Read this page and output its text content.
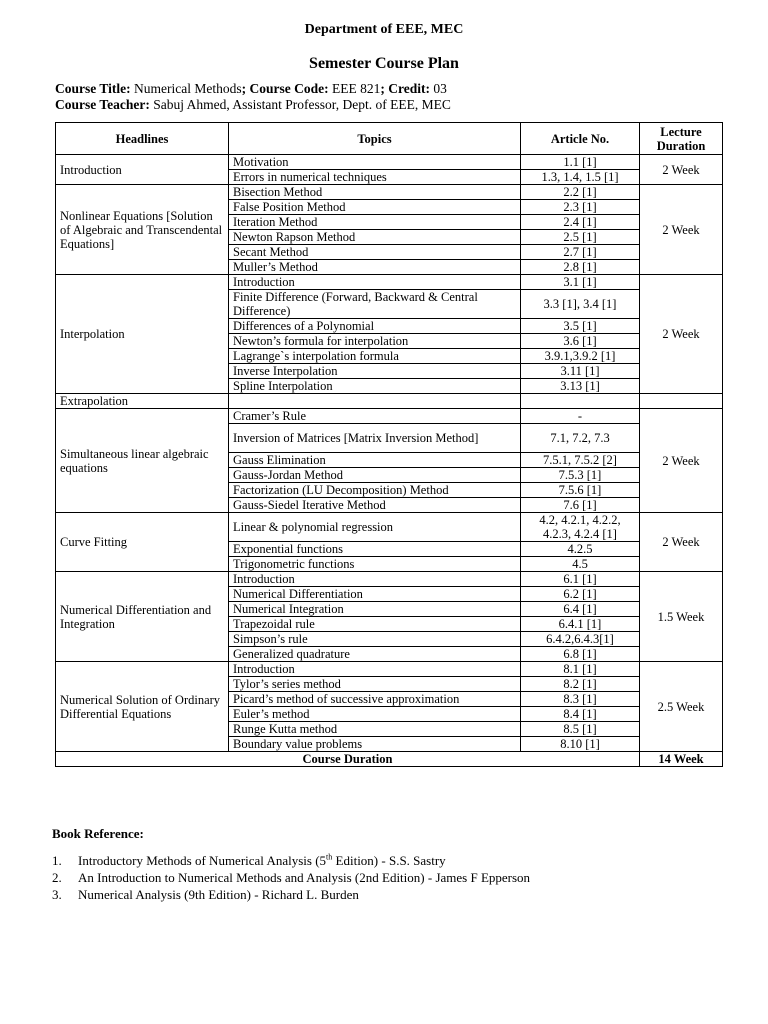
Department of EEE, MEC
Semester Course Plan
Course Title: Numerical Methods; Course Code: EEE 821; Credit: 03
Course Teacher: Sabuj Ahmed, Assistant Professor, Dept. of EEE, MEC
Headlines	Topics	Article No.	Lecture Duration
Introduction	Motivation	1.1 [1]	2 Week
	Errors in numerical techniques	1.3, 1.4, 1.5 [1]	
Nonlinear Equations [Solution of Algebraic and Transcendental Equations]	Bisection Method	2.2 [1]	2 Week
	False Position Method	2.3 [1]	
	Iteration Method	2.4 [1]	
	Newton Rapson Method	2.5 [1]	
	Secant Method	2.7 [1]	
	Muller’s Method	2.8 [1]	
Interpolation	Introduction	3.1 [1]	2 Week
	Finite Difference (Forward, Backward & Central Difference)	3.3 [1], 3.4 [1]	
	Differences of a Polynomial	3.5 [1]	
	Newton’s formula for interpolation	3.6 [1]	
	Lagrange`s interpolation formula	3.9.1,3.9.2 [1]	
	Inverse Interpolation	3.11 [1]	
	Spline Interpolation	3.13 [1]	
Extrapolation			
Simultaneous linear algebraic equations	Cramer’s Rule	-	2 Week
	Inversion of Matrices [Matrix Inversion Method]	7.1, 7.2, 7.3	
	Gauss Elimination	7.5.1, 7.5.2 [2]	
	Gauss-Jordan Method	7.5.3 [1]	
	Factorization (LU Decomposition) Method	7.5.6 [1]	
	Gauss-Siedel Iterative Method	7.6 [1]	
Curve Fitting	Linear & polynomial regression	4.2, 4.2.1, 4.2.2, 4.2.3, 4.2.4 [1]	2 Week
	Exponential functions	4.2.5	
	Trigonometric functions	4.5	
Numerical Differentiation and Integration	Introduction	6.1 [1]	1.5 Week
	Numerical Differentiation	6.2 [1]	
	Numerical Integration	6.4 [1]	
	Trapezoidal rule	6.4.1 [1]	
	Simpson’s rule	6.4.2,6.4.3[1]	
	Generalized quadrature	6.8 [1]	
Numerical Solution of Ordinary Differential Equations	Introduction	8.1 [1]	2.5 Week
	Tylor’s series method	8.2 [1]	
	Picard’s method of successive approximation	8.3 [1]	
	Euler’s method	8.4 [1]	
	Runge Kutta method	8.5 [1]	
	Boundary value problems	8.10 [1]	
Course Duration			14 Week
Book Reference:
1. Introductory Methods of Numerical Analysis (5th Edition) - S.S. Sastry
2. An Introduction to Numerical Methods and Analysis (2nd Edition) - James F Epperson
3. Numerical Analysis (9th Edition) - Richard L. Burden
